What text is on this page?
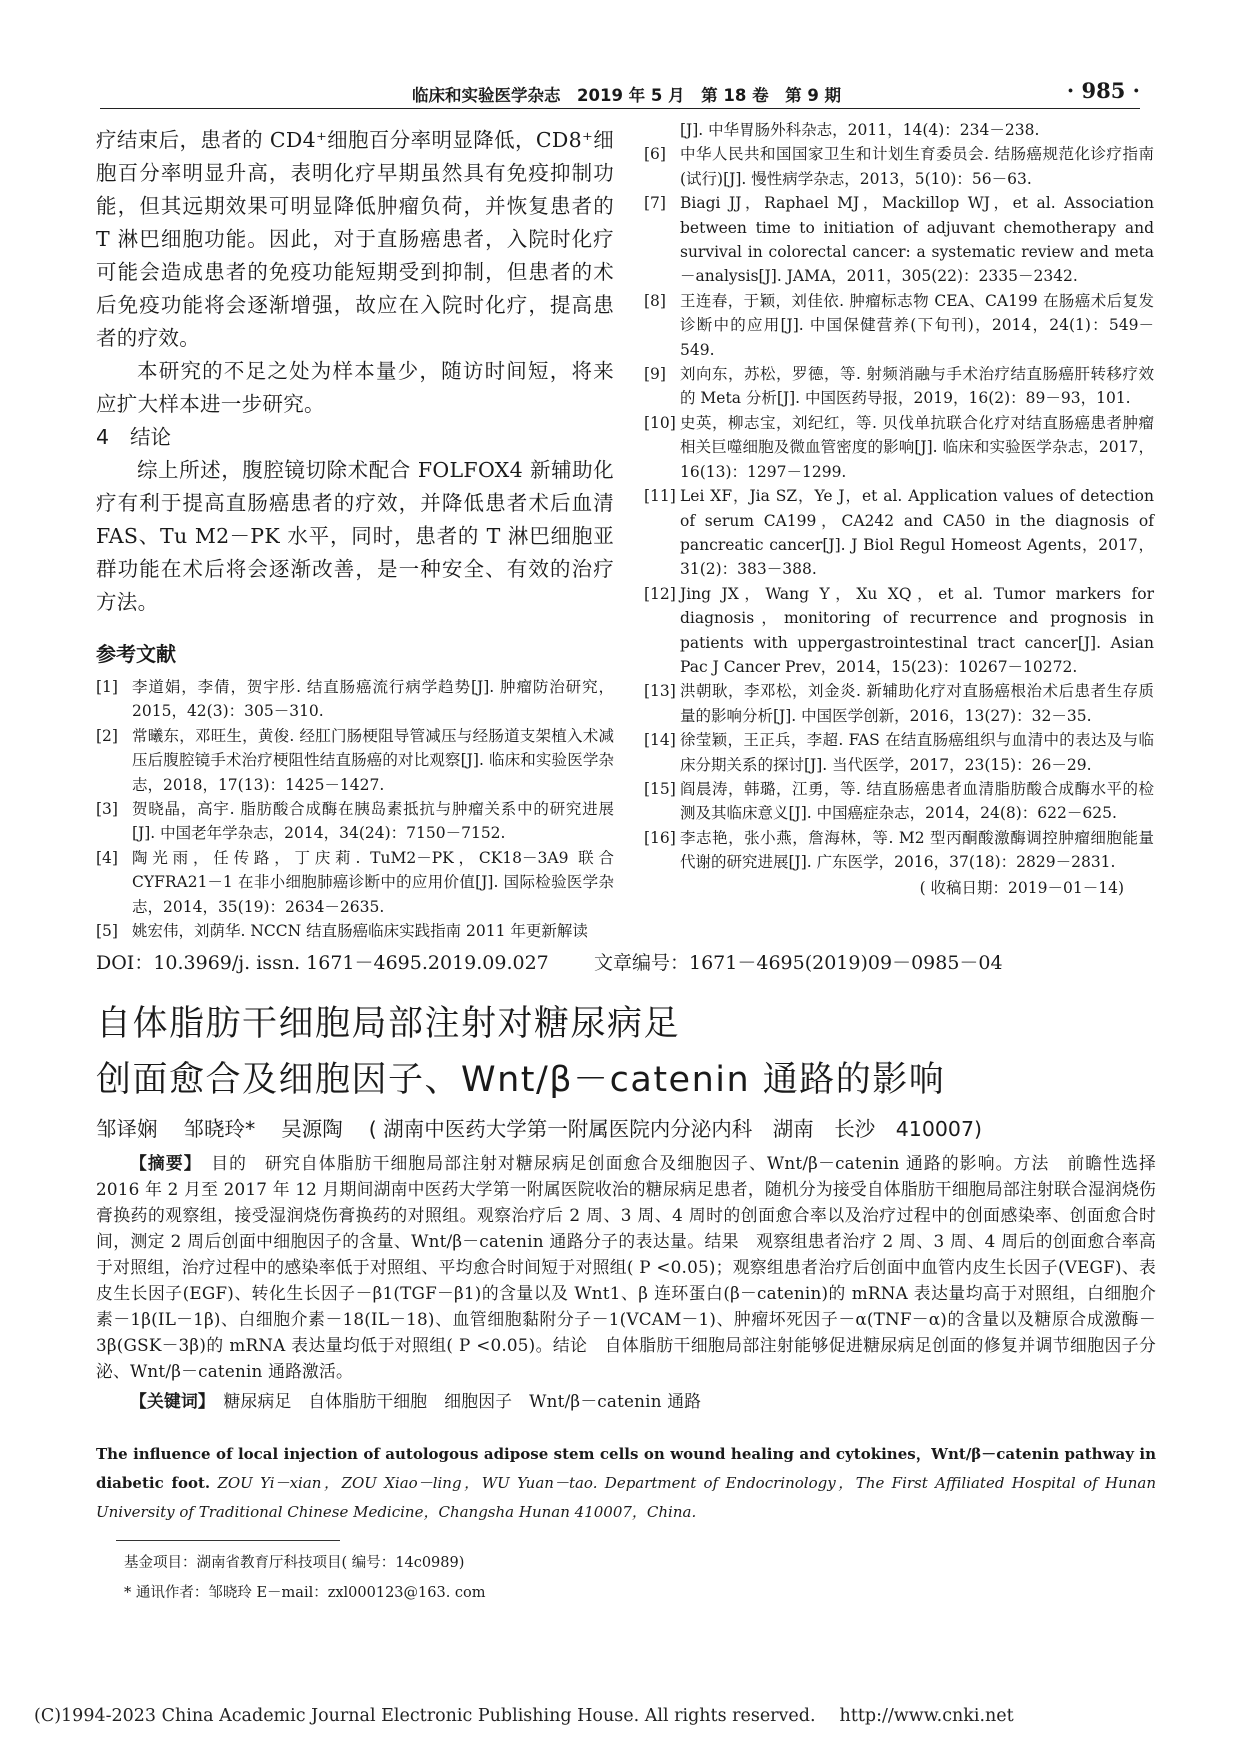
临床和实验医学杂志　2019 年 5 月　第 18 卷　第 9 期	· 985 ·

疗结束后，患者的 CD4⁺细胞百分率明显降低，CD8⁺细胞百分率明显升高，表明化疗早期虽然具有免疫抑制功能，但其远期效果可明显降低肿瘤负荷，并恢复患者的 T 淋巴细胞功能。因此，对于直肠癌患者，入院时化疗可能会造成患者的免疫功能短期受到抑制，但患者的术后免疫功能将会逐渐增强，故应在入院时化疗，提高患者的疗效。

本研究的不足之处为样本量少，随访时间短，将来应扩大样本进一步研究。

4 结论

综上所述，腹腔镜切除术配合 FOLFOX4 新辅助化疗有利于提高直肠癌患者的疗效，并降低患者术后血清 FAS、Tu M2－PK 水平，同时，患者的 T 淋巴细胞亚群功能在术后将会逐渐改善，是一种安全、有效的治疗方法。

参考文献
[1] 李道娟，李倩，贺宇彤. 结直肠癌流行病学趋势[J]. 肿瘤防治研究，2015，42(3)：305－310.
[2] 常曦东，邓旺生，黄俊. 经肛门肠梗阻导管减压与经肠道支架植入术减压后腹腔镜手术治疗梗阻性结直肠癌的对比观察[J]. 临床和实验医学杂志，2018，17(13)：1425－1427.
[3] 贺晓晶，高宇. 脂肪酸合成酶在胰岛素抵抗与肿瘤关系中的研究进展[J]. 中国老年学杂志，2014，34(24)：7150－7152.
[4] 陶光雨，任传路，丁庆莉. TuM2－PK，CK18－3A9 联合 CYFRA21－1 在非小细胞肺癌诊断中的应用价值[J]. 国际检验医学杂志，2014，35(19)：2634－2635.
[5] 姚宏伟，刘荫华. NCCN 结直肠癌临床实践指南 2011 年更新解读
[J]. 中华胃肠外科杂志，2011，14(4)：234－238.
[6] 中华人民共和国国家卫生和计划生育委员会. 结肠癌规范化诊疗指南(试行)[J]. 慢性病学杂志，2013，5(10)：56－63.
[7] Biagi JJ，Raphael MJ，Mackillop WJ，et al. Association between time to initiation of adjuvant chemotherapy and survival in colorectal cancer: a systematic review and meta－analysis[J]. JAMA，2011，305(22)：2335－2342.
[8] 王连春，于颖，刘佳依. 肿瘤标志物 CEA、CA199 在肠癌术后复发诊断中的应用[J]. 中国保健营养(下旬刊)，2014，24(1)：549－549.
[9] 刘向东，苏松，罗德，等. 射频消融与手术治疗结直肠癌肝转移疗效的 Meta 分析[J]. 中国医药导报，2019，16(2)：89－93，101.
[10] 史英，柳志宝，刘纪红，等. 贝伐单抗联合化疗对结直肠癌患者肿瘤相关巨噬细胞及微血管密度的影响[J]. 临床和实验医学杂志，2017，16(13)：1297－1299.
[11] Lei XF，Jia SZ，Ye J，et al. Application values of detection of serum CA199，CA242 and CA50 in the diagnosis of pancreatic cancer[J]. J Biol Regul Homeost Agents，2017，31(2)：383－388.
[12] Jing JX，Wang Y，Xu XQ，et al. Tumor markers for diagnosis，monitoring of recurrence and prognosis in patients with uppergastrointestinal tract cancer[J]. Asian Pac J Cancer Prev，2014，15(23)：10267－10272.
[13] 洪朝耿，李邓松，刘金炎. 新辅助化疗对直肠癌根治术后患者生存质量的影响分析[J]. 中国医学创新，2016，13(27)：32－35.
[14] 徐莹颖，王正兵，李超. FAS 在结直肠癌组织与血清中的表达及与临床分期关系的探讨[J]. 当代医学，2017，23(15)：26－29.
[15] 阎晨涛，韩璐，江勇，等. 结直肠癌患者血清脂肪酸合成酶水平的检测及其临床意义[J]. 中国癌症杂志，2014，24(8)：622－625.
[16] 李志艳，张小燕，詹海林，等. M2 型丙酮酸激酶调控肿瘤细胞能量代谢的研究进展[J]. 广东医学，2016，37(18)：2829－2831.
( 收稿日期：2019－01－14)
DOI：10.3969/j. issn. 1671－4695.2019.09.027 文章编号：1671－4695(2019)09－0985－04
自体脂肪干细胞局部注射对糖尿病足
创面愈合及细胞因子、Wnt/β－catenin 通路的影响
邹译娴 邹晓玲* 吴源陶 ( 湖南中医药大学第一附属医院内分泌内科　湖南　长沙　410007)

【摘要】　 目的　研究自体脂肪干细胞局部注射对糖尿病足创面愈合及细胞因子、Wnt/β－catenin 通路的影响。方法　前瞻性选择 2016 年 2 月至 2017 年 12 月期间湖南中医药大学第一附属医院收治的糖尿病足患者，随机分为接受自体脂肪干细胞局部注射联合湿润烧伤膏换药的观察组，接受湿润烧伤膏换药的对照组。观察治疗后 2 周、3 周、4 周时的创面愈合率以及治疗过程中的创面感染率、创面愈合时间，测定 2 周后创面中细胞因子的含量、Wnt/β－catenin 通路分子的表达量。结果　观察组患者治疗 2 周、3 周、4 周后的创面愈合率高于对照组，治疗过程中的感染率低于对照组、平均愈合时间短于对照组( P <0.05)；观察组患者治疗后创面中血管内皮生长因子(VEGF)、表皮生长因子(EGF)、转化生长因子－β1(TGF－β1)的含量以及 Wnt1、β 连环蛋白(β－catenin)的 mRNA 表达量均高于对照组，白细胞介素－1β(IL－1β)、白细胞介素－18(IL－18)、血管细胞黏附分子－1(VCAM－1)、肿瘤坏死因子－α(TNF－α)的含量以及糖原合成激酶－3β(GSK－3β)的 mRNA 表达量均低于对照组( P <0.05)。结论　自体脂肪干细胞局部注射能够促进糖尿病足创面的修复并调节细胞因子分泌、Wnt/β－catenin 通路激活。

【关键词】　 糖尿病足　自体脂肪干细胞　细胞因子　Wnt/β－catenin 通路

The influence of local injection of autologous adipose stem cells on wound healing and cytokines，Wnt/β－catenin pathway in diabetic foot. ZOU Yi－xian，ZOU Xiao－ling，WU Yuan－tao. Department of Endocrinology，The First Affiliated Hospital of Hunan University of Traditional Chinese Medicine，Changsha Hunan 410007，China.

基金项目：湖南省教育厅科技项目( 编号：14c0989)

* 通讯作者：邹晓玲 E－mail：zxl000123@163. com

(C)1994-2023 China Academic Journal Electronic Publishing House. All rights reserved. http://www.cnki.net
